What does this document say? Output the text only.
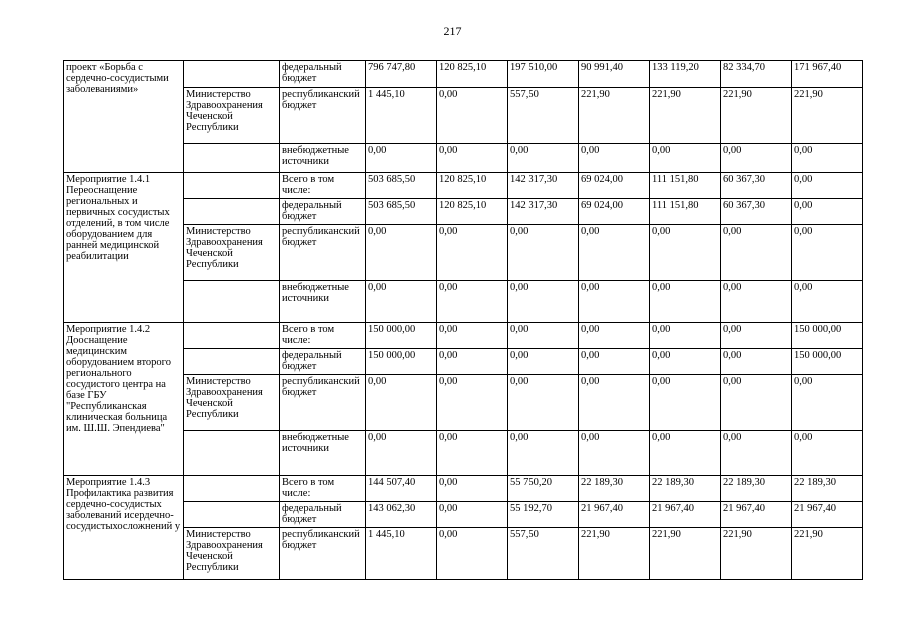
217
проект «Борьба с сердечно-сосудистыми заболеваниями»		федеральный бюджет	796 747,80	120 825,10	197 510,00	90 991,40	133 119,20	82 334,70	171 967,40
	Министерство Здравоохранения Чеченской Республики	республиканский бюджет	1 445,10	0,00	557,50	221,90	221,90	221,90	221,90
		внебюджетные источники	0,00	0,00	0,00	0,00	0,00	0,00	0,00
Мероприятие 1.4.1 Переоснащение региональных и первичных сосудистых отделений, в том числе оборудованием для ранней медицинской реабилитации		Всего в том числе:	503 685,50	120 825,10	142 317,30	69 024,00	111 151,80	60 367,30	0,00
		федеральный бюджет	503 685,50	120 825,10	142 317,30	69 024,00	111 151,80	60 367,30	0,00
	Министерство Здравоохранения Чеченской Республики	республиканский бюджет	0,00	0,00	0,00	0,00	0,00	0,00	0,00
		внебюджетные источники	0,00	0,00	0,00	0,00	0,00	0,00	0,00
Мероприятие 1.4.2 Дооснащение медицинским оборудованием второго регионального сосудистого центра на базе ГБУ "Республиканская клиническая больница им. Ш.Ш. Эпендиева"		Всего в том числе:	150 000,00	0,00	0,00	0,00	0,00	0,00	150 000,00
		федеральный бюджет	150 000,00	0,00	0,00	0,00	0,00	0,00	150 000,00
	Министерство Здравоохранения Чеченской Республики	республиканский бюджет	0,00	0,00	0,00	0,00	0,00	0,00	0,00
		внебюджетные источники	0,00	0,00	0,00	0,00	0,00	0,00	0,00
Мероприятие 1.4.3 Профилактика развития сердечно-сосудистых заболеваний исердечно-сосудистыхосложнений у		Всего в том числе:	144 507,40	0,00	55 750,20	22 189,30	22 189,30	22 189,30	22 189,30
		федеральный бюджет	143 062,30	0,00	55 192,70	21 967,40	21 967,40	21 967,40	21 967,40
	Министерство Здравоохранения Чеченской Республики	республиканский бюджет	1 445,10	0,00	557,50	221,90	221,90	221,90	221,90
